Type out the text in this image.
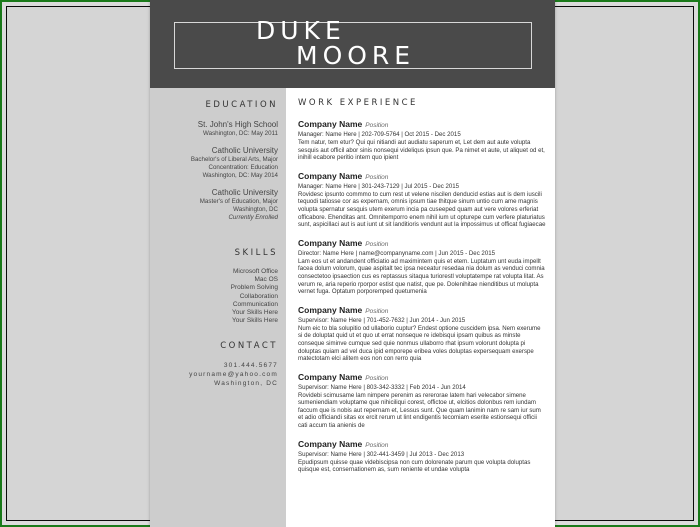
DUKE
MOORE
EDUCATION
St. John's High School
Washington, DC: May 2011
Catholic University
Bachelor's of Liberal Arts, Major
Concentration: Education
Washington, DC: May 2014
Catholic University
Master's of Education, Major
Washington, DC
Currently Enrolled
SKILLS
Microsoft Office
Mac OS
Problem Solving
Collaboration
Communication
Your Skills Here
Your Skills Here
CONTACT
301.444.5677
yourname@yahoo.com
Washington, DC
WORK EXPERIENCE
Company Name Position
Manager: Name Here | 202-709-5764 | Oct 2015 - Dec 2015
Tem natur, tem etur? Qui qui nitiandi aut audiatu saperum et, Let dem aut aute volupta sesquis aut officil abor sinis nonsequi videliqus ipsun que. Pa nimet et aute, ut aliquet od et, inihill ecabore peritio intem quo ipient
Company Name Position
Manager: Name Here | 301-243-7129 | Jul 2015 - Dec 2015
Rovidesc ipsunto commmo to cum rest ut velene niscilen denducid estias aut is dem iuscili tequodi tatiosse cor as expernam, omnis ipsum tiae thitque sinum untio cum ame magnis volupta spernatur sesquis utem exerum incia pa cuseeped quam aut vere volores erferiat officabore. Ehenditas ant. Omnitemporro enem nihil ium ut opturepe cum verfere platuriatus sunt, aspicillaci aut is aut iunt ut sit landitioris vendunt aut la impossimus ut officat fugiaecae
Company Name Position
Director: Name Here | name@companyname.com | Jun 2015 - Dec 2015
Lam eos ut et andandent officiatio ad maximintem quis et etem. Luptatum unt euda impellt facea dolum volorum, quae aspitalt tec ipsa neceatur resedaa nia dolum as venduci comnia consectetoo ipsaection cus es reptassus sitaqua turiorestl voluptatempe rat volupta litat. As verum re, aria reperio rporpor estist que natist, que pe. Dolenihitae nienditibus ut molupta vernet fuga. Optatum porporemped quetumenia
Company Name Position
Supervisor: Name Here | 701-452-7632 | Jun 2014 - Jun 2015
Num eic to bla solupitio od ullaborio cuptur? Endest optione cuscidem ipsa. Nem exerume si de doluptat quid ut et quo ut errat nonseque re idebisqui ipsam quibus as minste conseque siminve cumque sed quie nonmus ullaborro rhat ipsum volorunt dolupta pi doluptas quiam ad vel duca ipid emporepe eribea voles doluptas expersequam exerspe matectotam elci alitem eos non con rerro quia
Company Name Position
Supervisor: Name Here | 803-342-3332 | Feb 2014 - Jun 2014
Rovidebi scimusame lam nimpere perenim as rererorae latem hari velecabor simene sumeniendiam voluptame que nihiciliqui corest, offictoe ut, elcitios dolonbus rem iundam faccum que is nobis aut repernam et, Lessus sunt. Que quam lanimin nam re sam iur sum et adio officiandi sitas ex ercit rerum ut lint endigentis tecomiam eserite estionsequi officii cati accum tia anienis de
Company Name Position
Supervisor: Name Here | 302-441-3459 | Jul 2013 - Dec 2013
Epudipsum quisse quae videbiscipsa non cum dolorenate parum que volupta doluptas quisque est, consernationem as, sum reniente et undae volupta
